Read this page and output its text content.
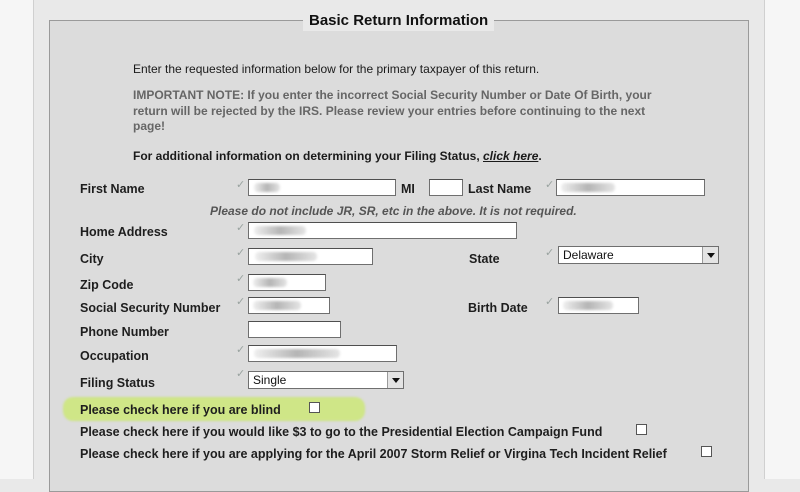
Basic Return Information
Enter the requested information below for the primary taxpayer of this return.
IMPORTANT NOTE: If you enter the incorrect Social Security Number or Date Of Birth, your
return will be rejected by the IRS. Please review your entries before continuing to the next
page!
For additional information on determining your Filing Status, click here.
First Name	✓	MI	Last Name ✓
Please do not include JR, SR, etc in the above. It is not required.
Home Address	✓
City	✓	State	✓ Delaware
Zip Code	✓
Social Security Number ✓	Birth Date ✓
Phone Number
Occupation	✓
Filing Status
✓ Single
Please check here if you are blind
Please check here if you would like $3 to go to the Presidential Election Campaign Fund
Please check here if you are applying for the April 2007 Storm Relief or Virgina Tech Incident Relief
